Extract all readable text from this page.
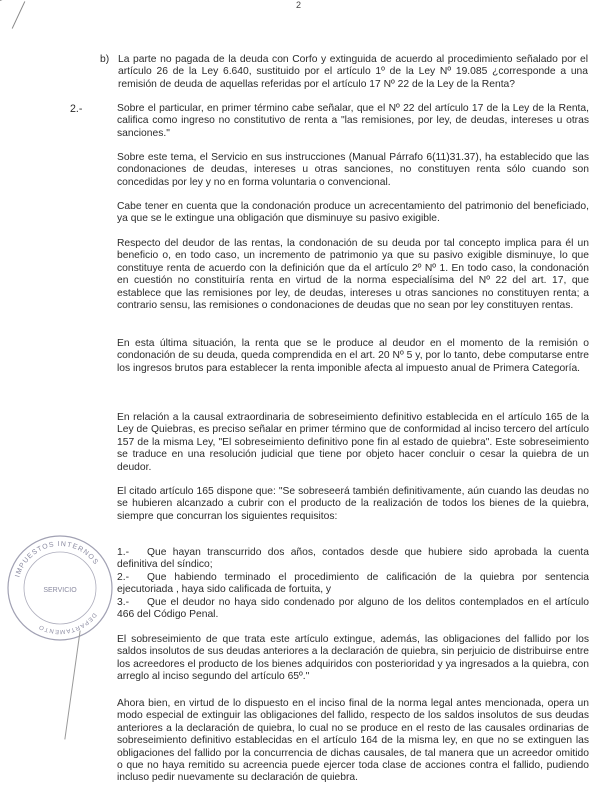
2
b) La parte no pagada de la deuda con Corfo y extinguida de acuerdo al procedimiento señalado por el artículo 26 de la Ley 6.640, sustituido por el artículo 1º de la Ley Nº 19.085 ¿corresponde a una remisión de deuda de aquellas referidas por el artículo 17 Nº 22 de la Ley de la Renta?
2.-	Sobre el particular, en primer término cabe señalar, que el Nº 22 del artículo 17 de la Ley de la Renta, califica como ingreso no constitutivo de renta a "las remisiones, por ley, de deudas, intereses u otras sanciones."

Sobre este tema, el Servicio en sus instrucciones (Manual Párrafo 6(11)31.37), ha establecido que las condonaciones de deudas, intereses u otras sanciones, no constituyen renta sólo cuando son concedidas por ley y no en forma voluntaria o convencional.

Cabe tener en cuenta que la condonación produce un acrecentamiento del patrimonio del beneficiado, ya que se le extingue una obligación que disminuye su pasivo exigible.

Respecto del deudor de las rentas, la condonación de su deuda por tal concepto implica para él un beneficio o, en todo caso, un incremento de patrimonio ya que su pasivo exigible disminuye, lo que constituye renta de acuerdo con la definición que da el artículo 2º Nº 1. En todo caso, la condonación en cuestión no constituiría renta en virtud de la norma especialísima del Nº 22 del art. 17, que establece que las remisiones por ley, de deudas, intereses u otras sanciones no constituyen renta; a contrario sensu, las remisiones o condonaciones de deudas que no sean por ley constituyen rentas.

En esta última situación, la renta que se le produce al deudor en el momento de la remisión o condonación de su deuda, queda comprendida en el art. 20 Nº 5 y, por lo tanto, debe computarse entre los ingresos brutos para establecer la renta imponible afecta al impuesto anual de Primera Categoría.

En relación a la causal extraordinaria de sobreseimiento definitivo establecida en el artículo 165 de la Ley de Quiebras, es preciso señalar en primer término que de conformidad al inciso tercero del artículo 157 de la misma Ley, "El sobreseimiento definitivo pone fin al estado de quiebra". Este sobreseimiento se traduce en una resolución judicial que tiene por objeto hacer concluir o cesar la quiebra de un deudor.

El citado artículo 165 dispone que: "Se sobreseerá también definitivamente, aún cuando las deudas no se hubieren alcanzado a cubrir con el producto de la realización de todos los bienes de la quiebra, siempre que concurran los siguientes requisitos:

1.- Que hayan transcurrido dos años, contados desde que hubiere sido aprobada la cuenta definitiva del síndico;
2.- Que habiendo terminado el procedimiento de calificación de la quiebra por sentencia ejecutoriada , haya sido calificada de fortuita, y
3.- Que el deudor no haya sido condenado por alguno de los delitos contemplados en el artículo 466 del Código Penal.

El sobreseimiento de que trata este artículo extingue, además, las obligaciones del fallido por los saldos insolutos de sus deudas anteriores a la declaración de quiebra, sin perjuicio de distribuirse entre los acreedores el producto de los bienes adquiridos con posterioridad y ya ingresados a la quiebra, con arreglo al inciso segundo del artículo 65º."

Ahora bien, en virtud de lo dispuesto en el inciso final de la norma legal antes mencionada, opera un modo especial de extinguir las obligaciones del fallido, respecto de los saldos insolutos de sus deudas anteriores a la declaración de quiebra, lo cual no se produce en el resto de las causales ordinarias de sobreseimiento definitivo establecidas en el artículo 164 de la misma ley, en que no se extinguen las obligaciones del fallido por la concurrencia de dichas causales, de tal manera que un acreedor omitido o que no haya remitido su acreencia puede ejercer toda clase de acciones contra el fallido, pudiendo incluso pedir nuevamente su declaración de quiebra.

IMPUESTOS INTERNOS
DEPARTAMENTO
SERVICIO
